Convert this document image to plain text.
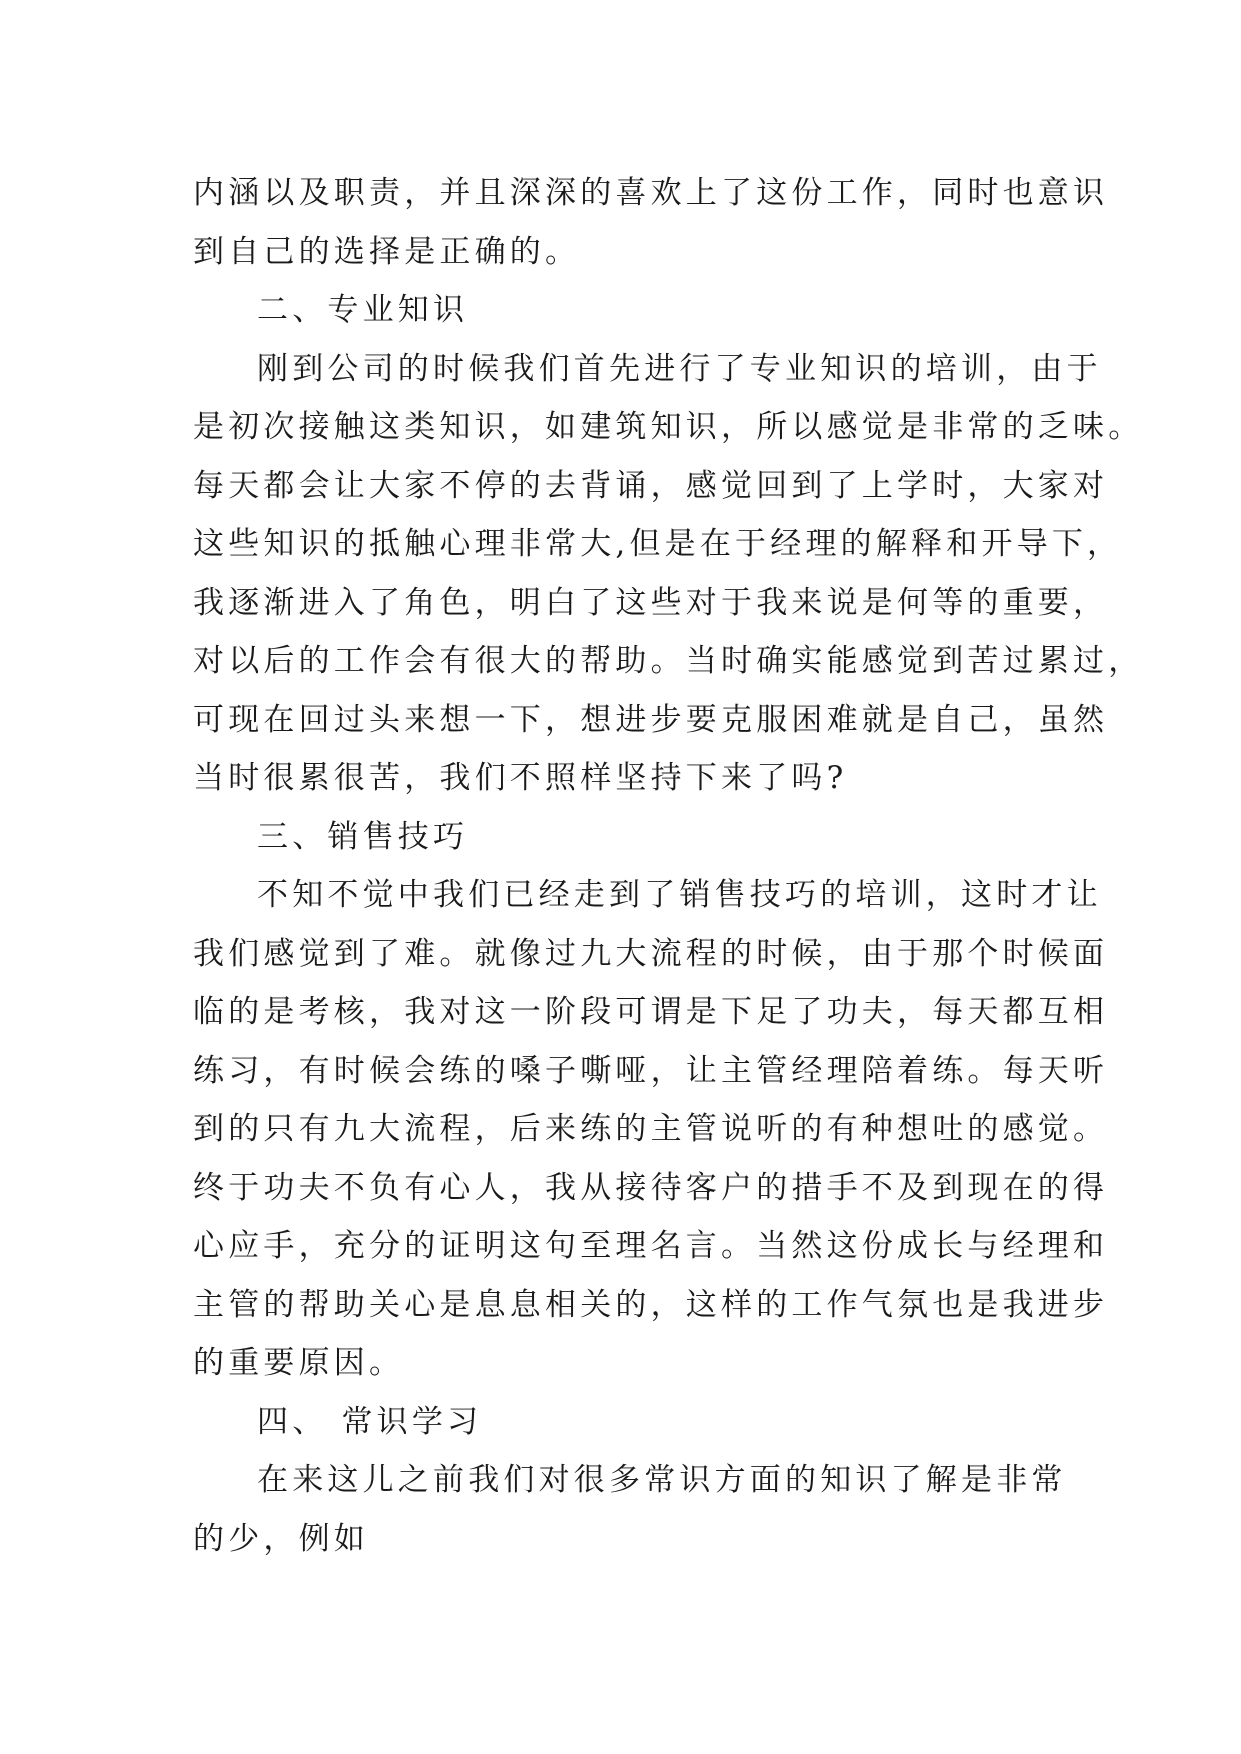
内涵以及职责，并且深深的喜欢上了这份工作，同时也意识
到自己的选择是正确的。
二、专业知识
刚到公司的时候我们首先进行了专业知识的培训，由于
是初次接触这类知识，如建筑知识，所以感觉是非常的乏味。
每天都会让大家不停的去背诵，感觉回到了上学时，大家对
这些知识的抵触心理非常大,但是在于经理的解释和开导下，
我逐渐进入了角色，明白了这些对于我来说是何等的重要，
对以后的工作会有很大的帮助。当时确实能感觉到苦过累过，
可现在回过头来想一下，想进步要克服困难就是自己，虽然
当时很累很苦，我们不照样坚持下来了吗?
三、销售技巧
不知不觉中我们已经走到了销售技巧的培训，这时才让
我们感觉到了难。就像过九大流程的时候，由于那个时候面
临的是考核，我对这一阶段可谓是下足了功夫，每天都互相
练习，有时候会练的嗓子嘶哑，让主管经理陪着练。每天听
到的只有九大流程，后来练的主管说听的有种想吐的感觉。
终于功夫不负有心人，我从接待客户的措手不及到现在的得
心应手，充分的证明这句至理名言。当然这份成长与经理和
主管的帮助关心是息息相关的，这样的工作气氛也是我进步
的重要原因。
四、 常识学习
在来这儿之前我们对很多常识方面的知识了解是非常
的少，例如
